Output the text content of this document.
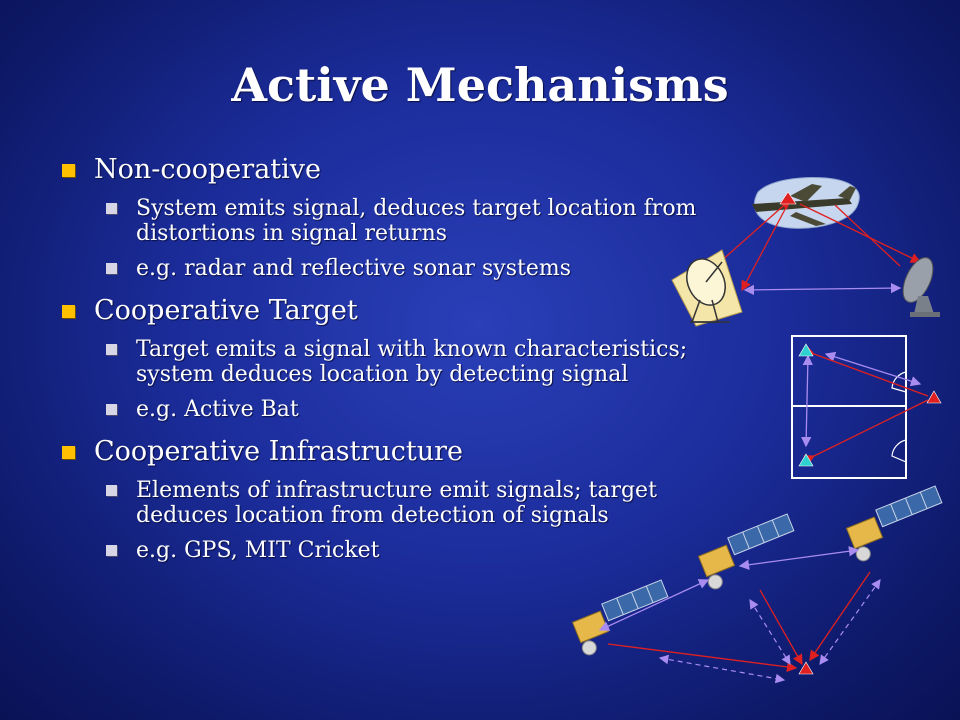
Active Mechanisms
Non-cooperative
System emits signal, deduces target location from
distortions in signal returns
e.g. radar and reflective sonar systems
Cooperative Target
Target emits a signal with known characteristics;
system deduces location by detecting signal
e.g. Active Bat
Cooperative Infrastructure
Elements of infrastructure emit signals; target
deduces location from detection of signals
e.g. GPS, MIT Cricket
